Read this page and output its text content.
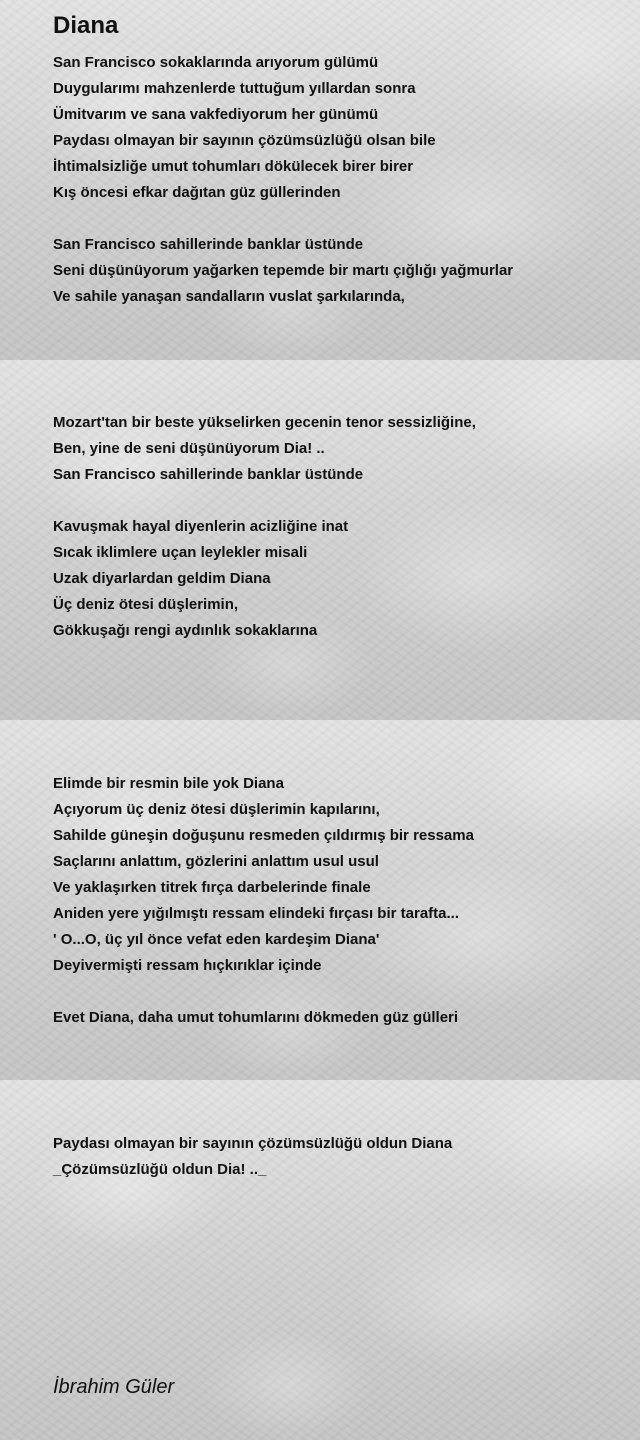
Diana
San Francisco sokaklarında arıyorum gülümü
Duygularımı mahzenlerde tuttuğum yıllardan sonra
Ümitvarım ve sana vakfediyorum her günümü
Paydası olmayan bir sayının çözümsüzlüğü olsan bile
İhtimalsizliğe umut tohumları dökülecek birer birer
Kış öncesi efkar dağıtan güz güllerinden
San Francisco sahillerinde banklar üstünde
Seni düşünüyorum yağarken tepemde bir martı çığlığı yağmurlar
Ve sahile yanaşan sandalların vuslat şarkılarında,
Mozart'tan bir beste yükselirken gecenin tenor sessizliğine,
Ben, yine de seni düşünüyorum Dia! ..
San Francisco sahillerinde banklar üstünde
Kavuşmak hayal diyenlerin acizliğine inat
Sıcak iklimlere uçan leylekler misali
Uzak diyarlardan geldim Diana
Üç deniz ötesi düşlerimin,
Gökkuşağı rengi aydınlık sokaklarına
Elimde bir resmin bile yok Diana
Açıyorum üç deniz ötesi düşlerimin kapılarını,
Sahilde güneşin doğuşunu resmeden çıldırmış bir ressama
Saçlarını anlattım, gözlerini anlattım usul usul
Ve yaklaşırken titrek fırça darbelerinde finale
Aniden yere yığılmıştı ressam elindeki fırçası bir tarafta...
' O...O, üç yıl önce vefat eden kardeşim Diana'
Deyivermişti ressam hıçkırıklar içinde
Evet Diana, daha umut tohumlarını dökmeden güz gülleri
Paydası olmayan bir sayının çözümsüzlüğü oldun Diana
_Çözümsüzlüğü oldun Dia! .._
İbrahim Güler
